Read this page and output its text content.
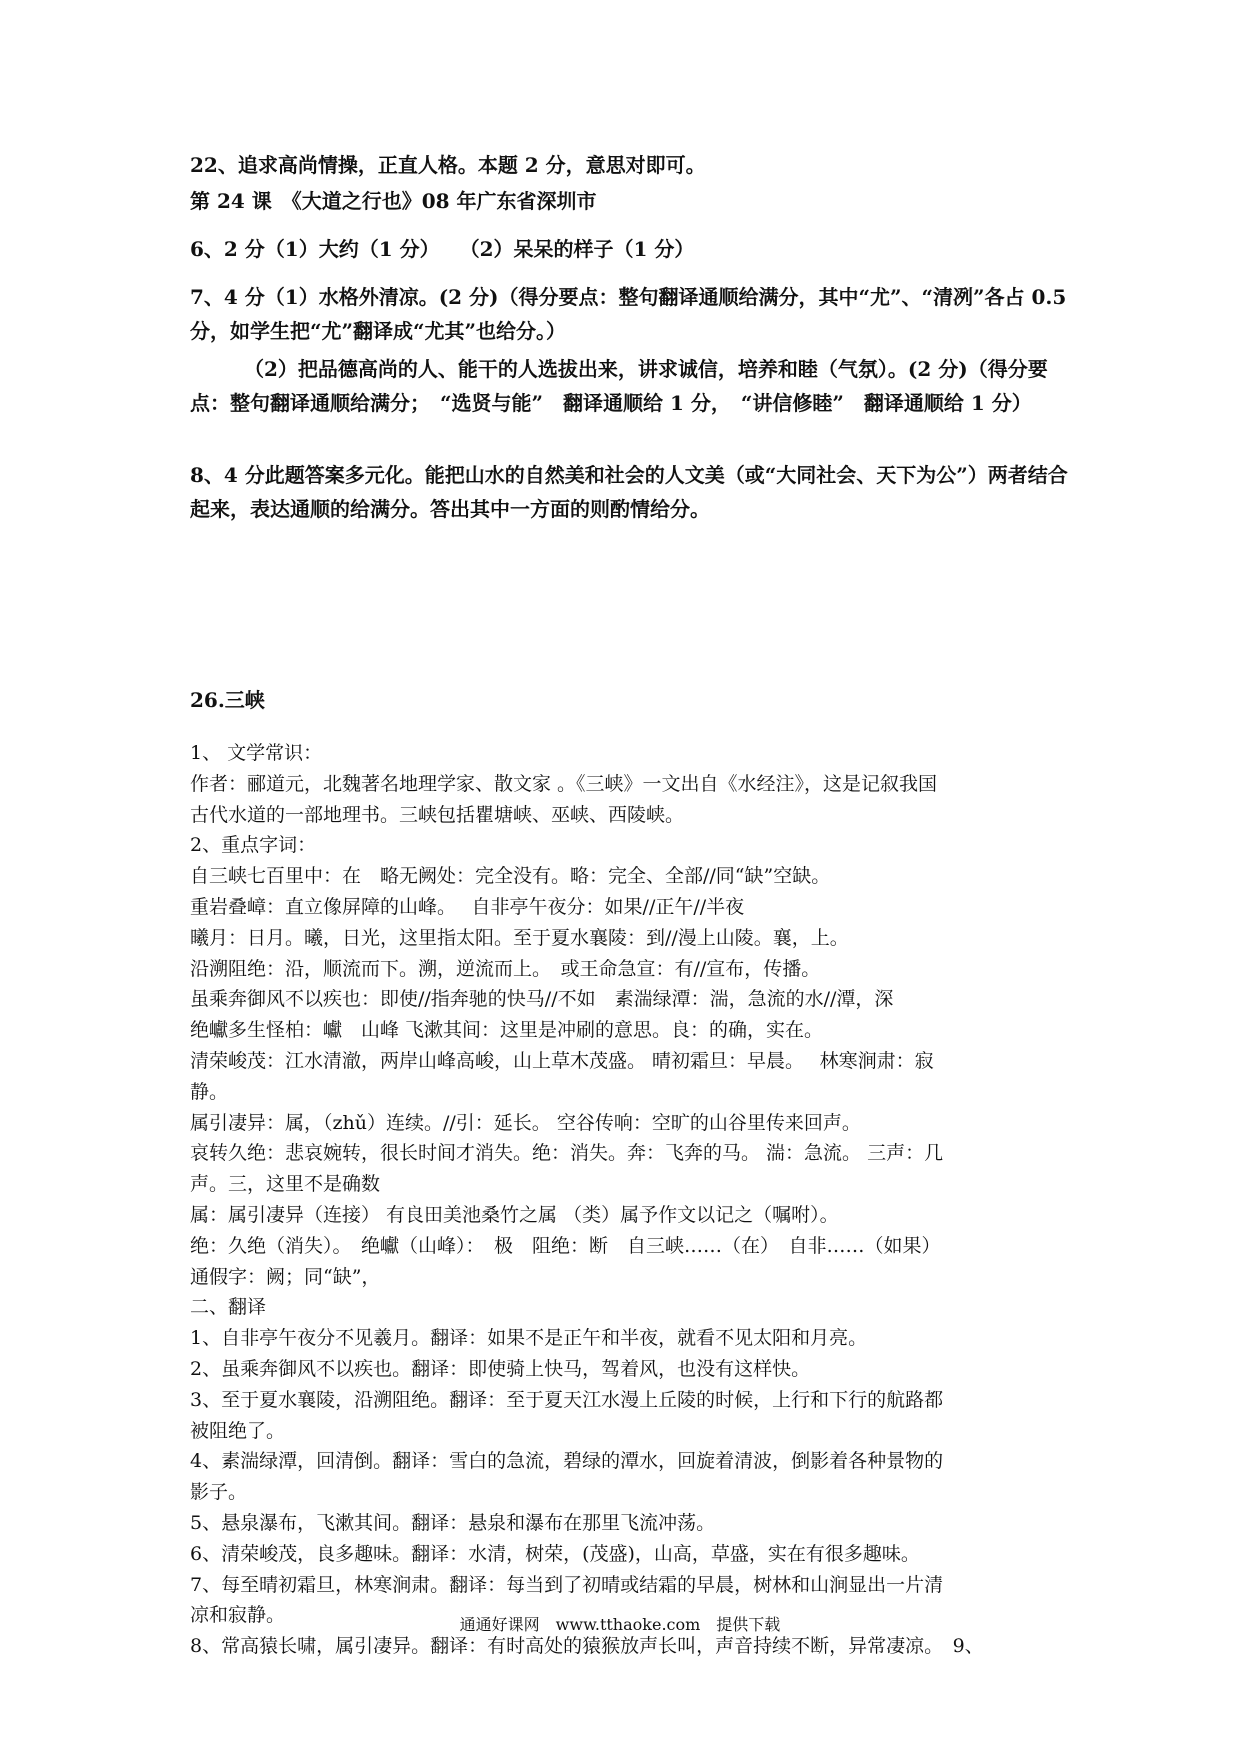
22、追求高尚情操，正直人格。本题 2 分，意思对即可。

第 24 课　《大道之行也》08 年广东省深圳市

6、2 分（1）大约（1 分）　　（2）呆呆的样子（1 分）

7、4 分（1）水格外清凉。(2 分)（得分要点：整句翻译通顺给满分，其中“尤”、“清冽”各占 0.5 分，如学生把“尤”翻译成“尤其”也给分。）

（2）把品德高尚的人、能干的人选拔出来，讲求诚信，培养和睦（气氛）。(2 分)（得分要点：整句翻译通顺给满分；　“选贤与能”　翻译通顺给 1 分，　“讲信修睦”　翻译通顺给 1 分）

8、4 分此题答案多元化。能把山水的自然美和社会的人文美（或“大同社会、天下为公”）两者结合起来，表达通顺的给满分。答出其中一方面的则酌情给分。

26.三峡

1、 文学常识：

作者：郦道元，北魏著名地理学家、散文家 。《三峡》一文出自《水经注》，这是记叙我国

古代水道的一部地理书。三峡包括瞿塘峡、巫峡、西陵峡。

2、重点字词：

自三峡七百里中：在　略无阙处：完全没有。略：完全、全部//同“缺”空缺。

重岩叠嶂：直立像屏障的山峰。　 自非亭午夜分：如果//正午//半夜

曦月：日月。曦，日光，这里指太阳。至于夏水襄陵：到//漫上山陵。襄，上。

沿溯阻绝：沿，顺流而下。溯，逆流而上。　或王命急宣：有//宣布，传播。

虽乘奔御风不以疾也：即使//指奔驰的快马//不如　素湍绿潭：湍，急流的水//潭，深

绝巘多生怪柏：巘　山峰 飞漱其间：这里是冲刷的意思。良：的确，实在。

清荣峻茂：江水清澈，两岸山峰高峻，山上草木茂盛。 晴初霜旦：早晨。　 林寒涧肃：寂

静。

属引凄异：属，（zhǔ）连续。//引：延长。 空谷传响：空旷的山谷里传来回声。

哀转久绝：悲哀婉转，很长时间才消失。绝：消失。奔：飞奔的马。 湍：急流。 三声：几

声。三，这里不是确数

属：属引凄异（连接） 有良田美池桑竹之属 （类）属予作文以记之（嘱咐）。

绝：久绝（消失）。　绝巘（山峰）：　极　阻绝：断　自三峡……（在）　自非……（如果）

通假字：阙；同“缺”，

二、翻译

1、自非亭午夜分不见羲月。翻译：如果不是正午和半夜，就看不见太阳和月亮。

2、虽乘奔御风不以疾也。翻译：即使骑上快马，驾着风，也没有这样快。

3、至于夏水襄陵，沿溯阻绝。翻译：至于夏天江水漫上丘陵的时候，上行和下行的航路都

被阻绝了。

4、素湍绿潭，回清倒。翻译：雪白的急流，碧绿的潭水，回旋着清波，倒影着各种景物的

影子。

5、悬泉瀑布，飞漱其间。翻译：悬泉和瀑布在那里飞流冲荡。

6、清荣峻茂，良多趣味。翻译：水清，树荣，(茂盛)，山高，草盛，实在有很多趣味。

7、每至晴初霜旦，林寒涧肃。翻译：每当到了初晴或结霜的早晨，树林和山涧显出一片清

凉和寂静。

8、常高猿长啸，属引凄异。翻译：有时高处的猿猴放声长叫，声音持续不断，异常凄凉。　9、

通通好课网　www.tthaoke.com　提供下载
